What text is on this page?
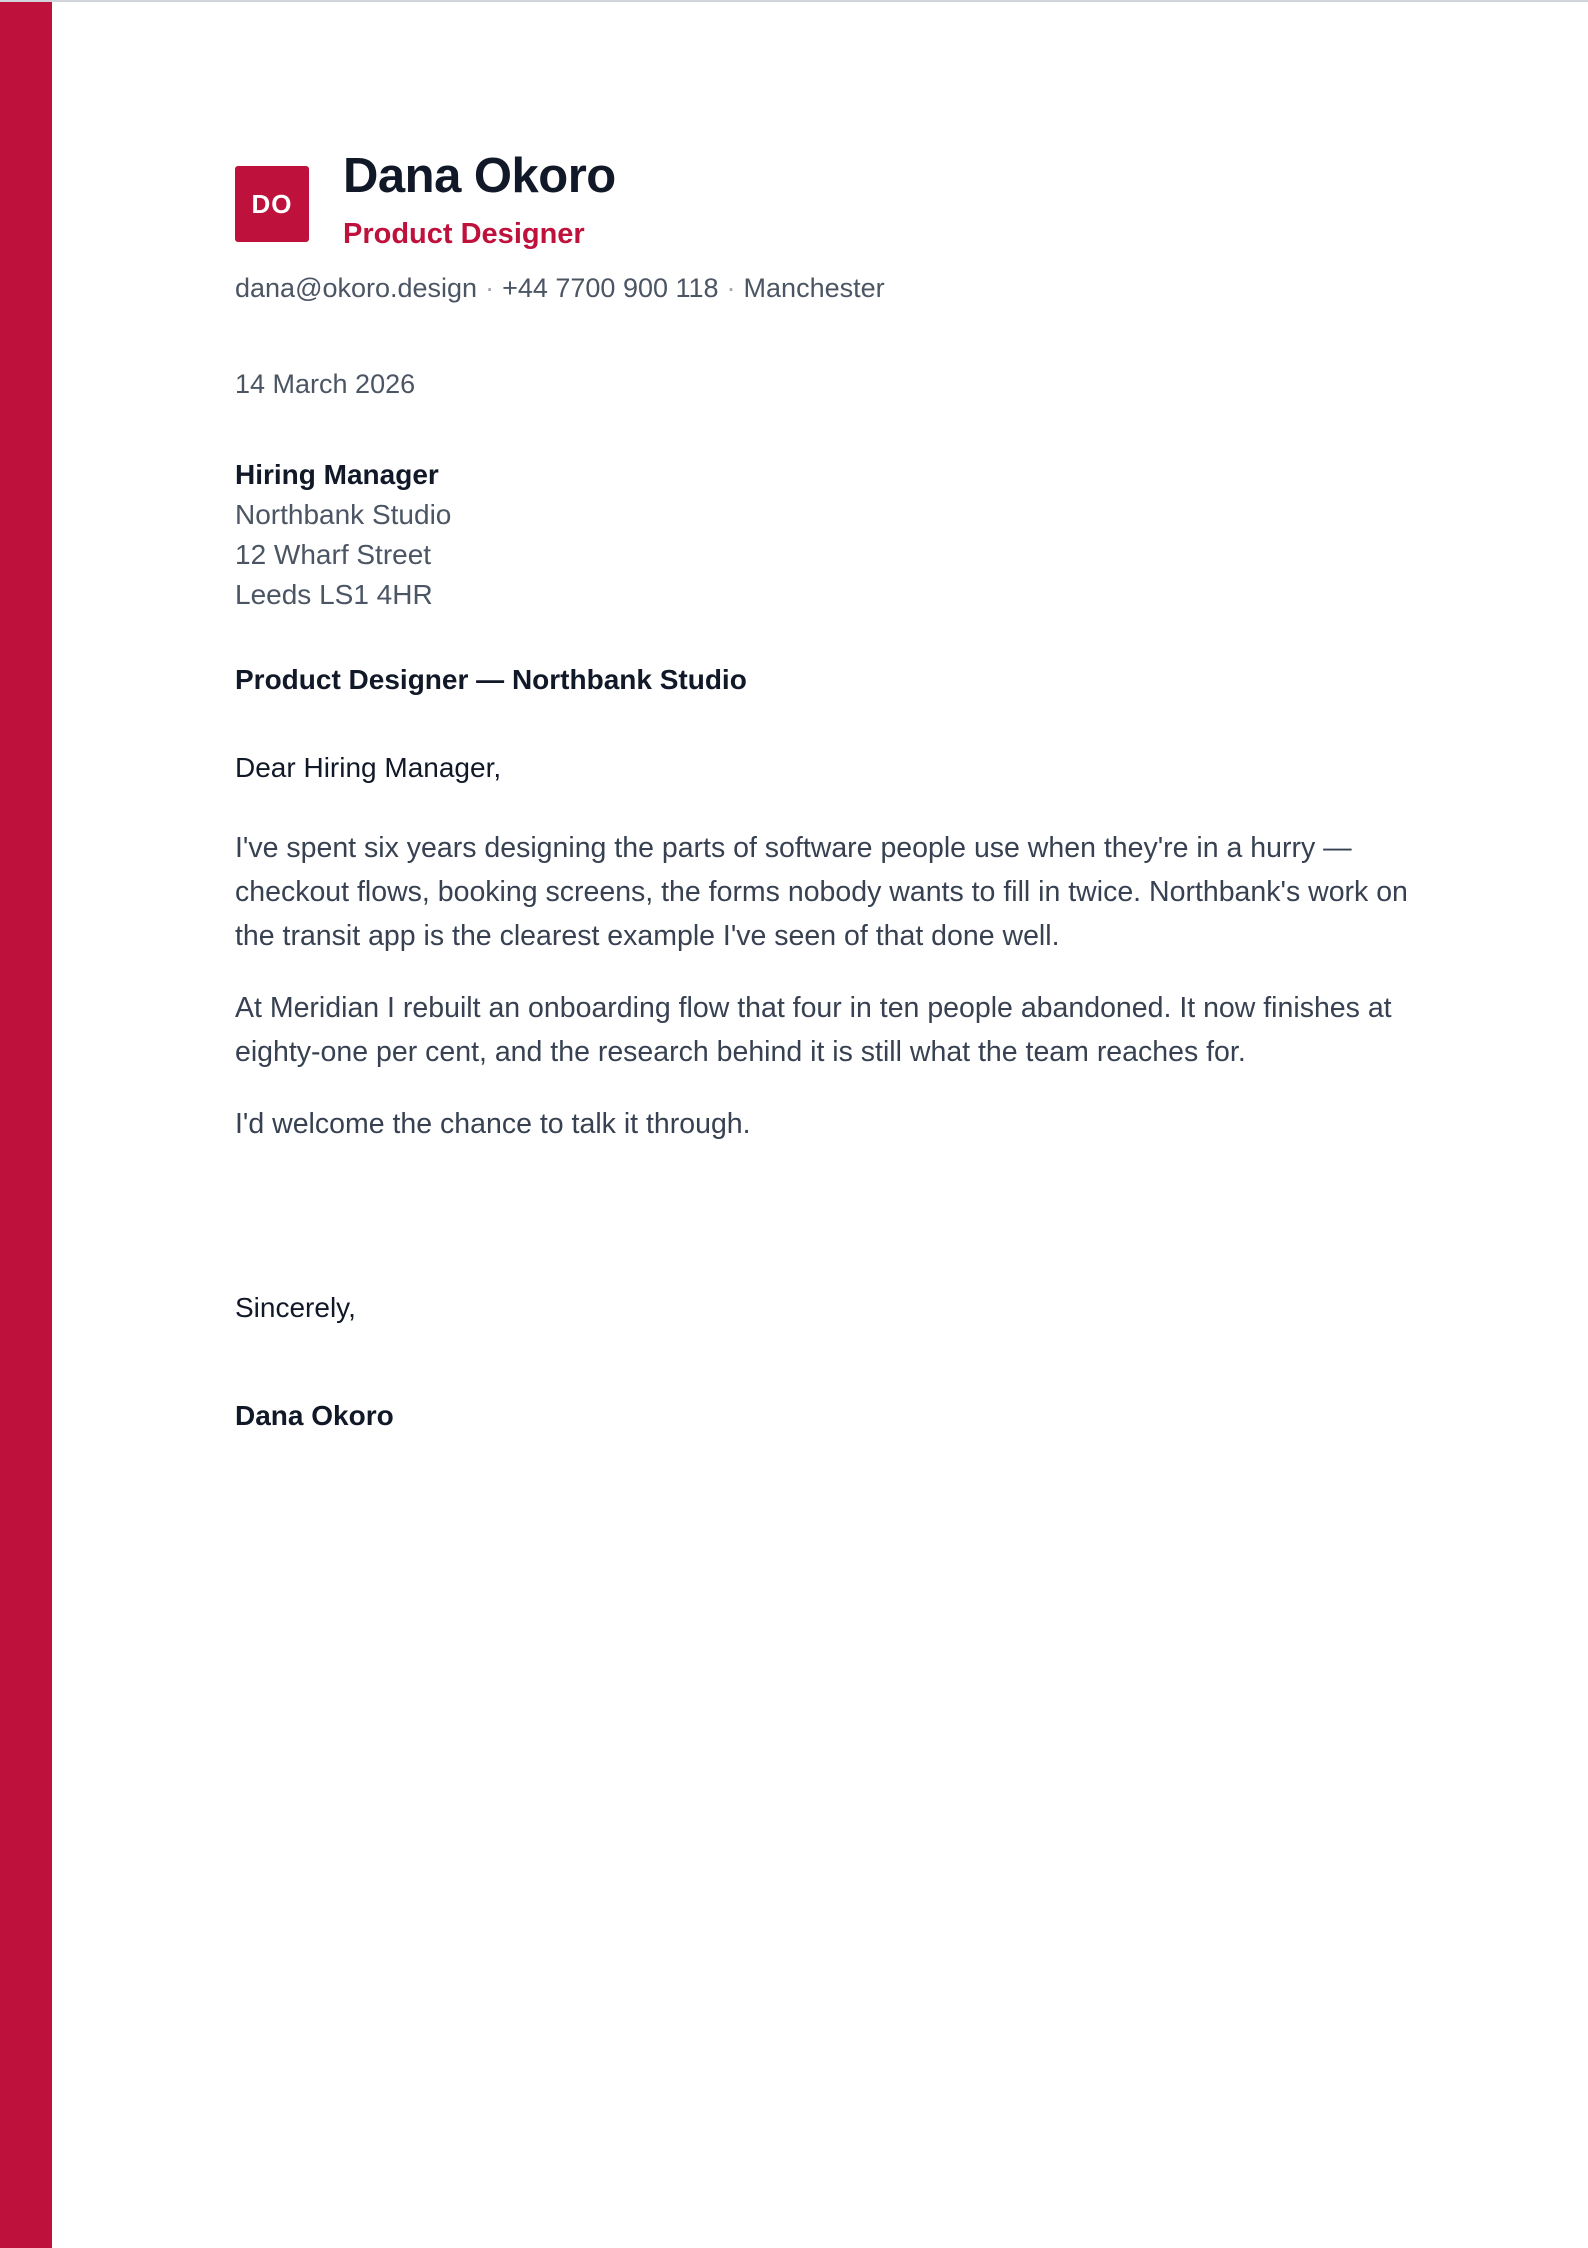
DO
Dana Okoro
Product Designer
dana@okoro.design · +44 7700 900 118 · Manchester
14 March 2026
Hiring Manager
Northbank Studio
12 Wharf Street
Leeds LS1 4HR
Product Designer — Northbank Studio
Dear Hiring Manager,

I've spent six years designing the parts of software people use when they're in a hurry — checkout flows, booking screens, the forms nobody wants to fill in twice. Northbank's work on the transit app is the clearest example I've seen of that done well.

At Meridian I rebuilt an onboarding flow that four in ten people abandoned. It now finishes at eighty-one per cent, and the research behind it is still what the team reaches for.

I'd welcome the chance to talk it through.

Sincerely,
Dana Okoro
